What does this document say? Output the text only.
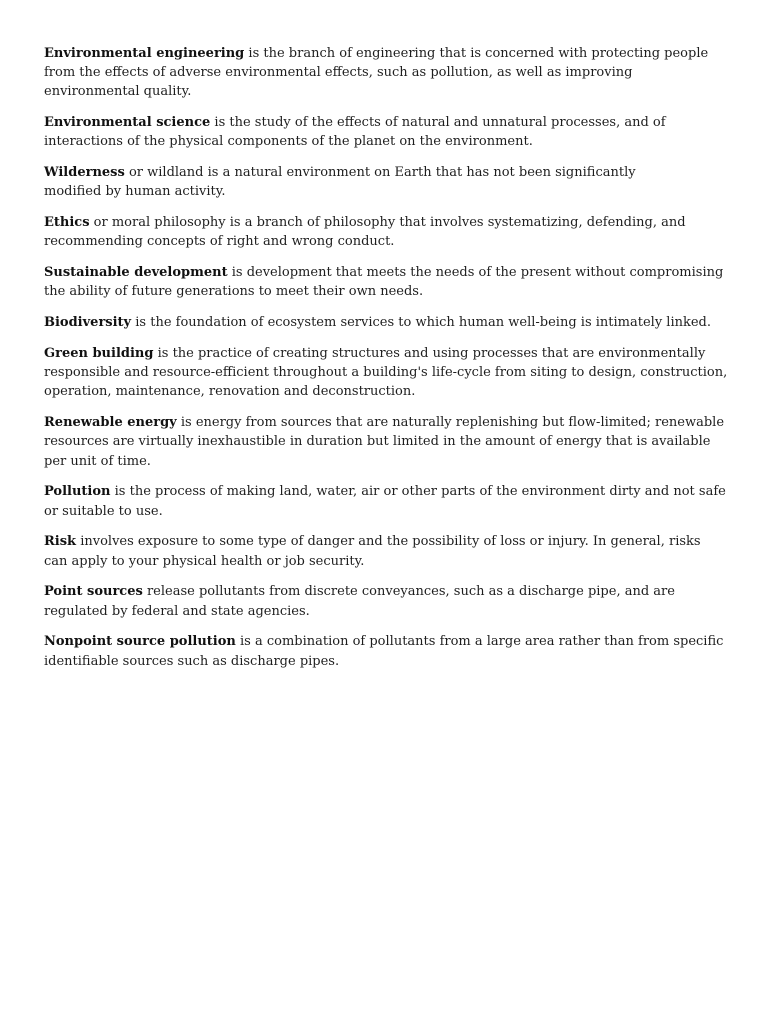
Environmental engineering is the branch of engineering that is concerned with protecting people from the effects of adverse environmental effects, such as pollution, as well as improving environmental quality.

Environmental science is the study of the effects of natural and unnatural processes, and of interactions of the physical components of the planet on the environment.

Wilderness or wildland is a natural environment on Earth that has not been significantly modified by human activity.

Ethics or moral philosophy is a branch of philosophy that involves systematizing, defending, and recommending concepts of right and wrong conduct.

Sustainable development is development that meets the needs of the present without compromising the ability of future generations to meet their own needs.

Biodiversity is the foundation of ecosystem services to which human well-being is intimately linked.

Green building is the practice of creating structures and using processes that are environmentally responsible and resource-efficient throughout a building's life-cycle from siting to design, construction, operation, maintenance, renovation and deconstruction.

Renewable energy is energy from sources that are naturally replenishing but flow-limited; renewable resources are virtually inexhaustible in duration but limited in the amount of energy that is available per unit of time.

Pollution is the process of making land, water, air or other parts of the environment dirty and not safe or suitable to use.

Risk involves exposure to some type of danger and the possibility of loss or injury. In general, risks can apply to your physical health or job security.

Point sources release pollutants from discrete conveyances, such as a discharge pipe, and are regulated by federal and state agencies.

Nonpoint source pollution is a combination of pollutants from a large area rather than from specific identifiable sources such as discharge pipes.
